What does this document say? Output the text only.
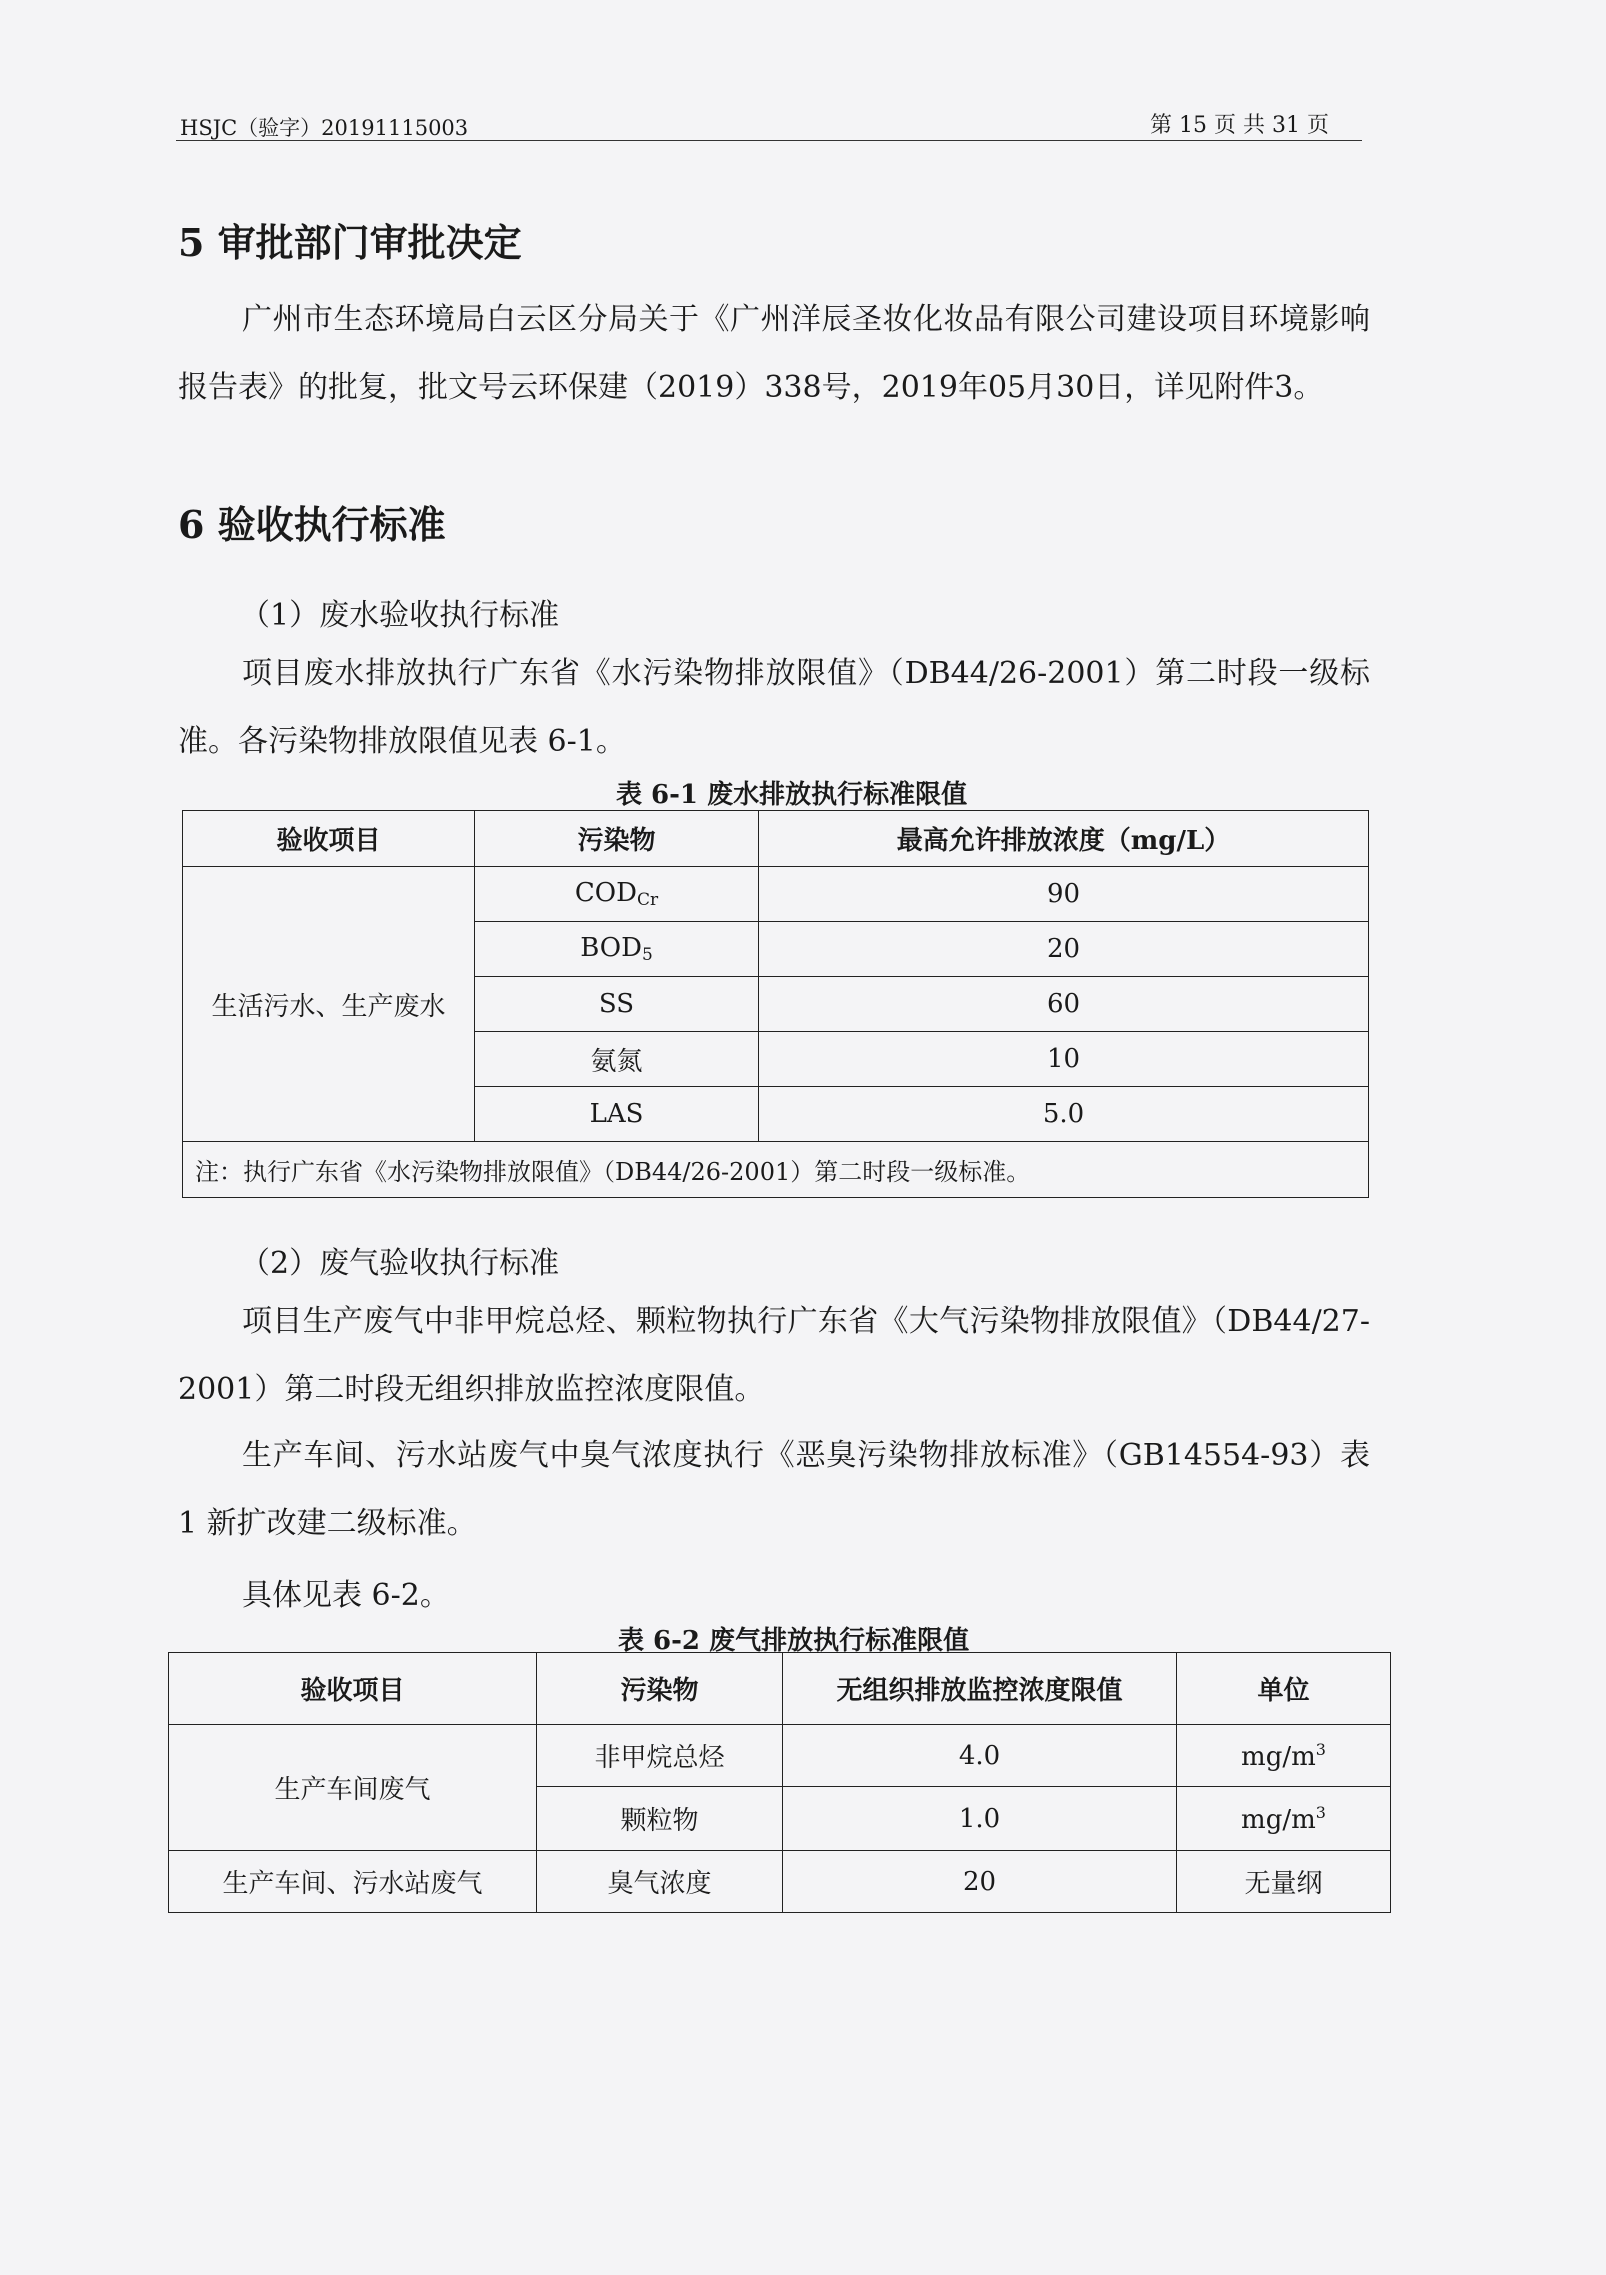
HSJC（验字）20191115003	第 15 页 共 31 页
5 审批部门审批决定
广州市生态环境局白云区分局关于《广州洋辰圣妆化妆品有限公司建设项目环境影响报告表》的批复，批文号云环保建（2019）338号，2019年05月30日，详见附件3。
6 验收执行标准
（1）废水验收执行标准
项目废水排放执行广东省《水污染物排放限值》（DB44/26-2001）第二时段一级标准。各污染物排放限值见表 6-1。
表 6-1 废水排放执行标准限值
验收项目	污染物	最高允许排放浓度（mg/L）
生活污水、生产废水	$COD_{Cr}$	90
	$BOD_5$	20
	SS	60
	氨氮	10
	LAS	5.0
注：执行广东省《水污染物排放限值》（DB44/26-2001）第二时段一级标准。		
（2）废气验收执行标准
项目生产废气中非甲烷总烃、颗粒物执行广东省《大气污染物排放限值》（DB44/27-2001）第二时段无组织排放监控浓度限值。
生产车间、污水站废气中臭气浓度执行《恶臭污染物排放标准》（GB14554-93）表 1 新扩改建二级标准。
具体见表 6-2。
表 6-2 废气排放执行标准限值
验收项目	污染物	无组织排放监控浓度限值	单位
生产车间废气	非甲烷总烃	4.0	$mg/m^3$
	颗粒物	1.0	$mg/m^3$
生产车间、污水站废气	臭气浓度	20	无量纲
